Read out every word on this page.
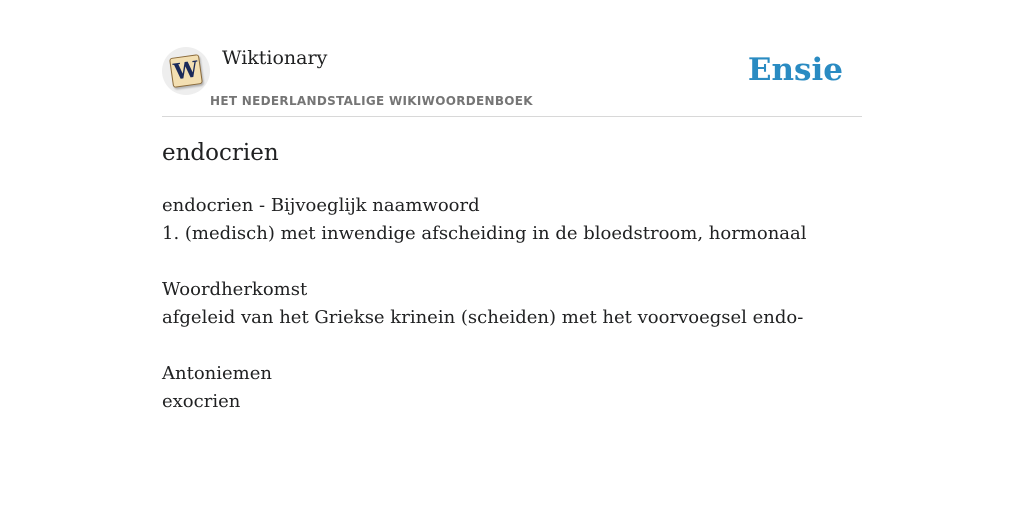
W Wiktionary
HET NEDERLANDSTALIGE WIKIWOORDENBOEK
Ensie
endocrien
endocrien - Bijvoeglijk naamwoord
1. (medisch) met inwendige afscheiding in de bloedstroom, hormonaal
Woordherkomst
afgeleid van het Griekse krinein (scheiden) met het voorvoegsel endo-
Antoniemen
exocrien
